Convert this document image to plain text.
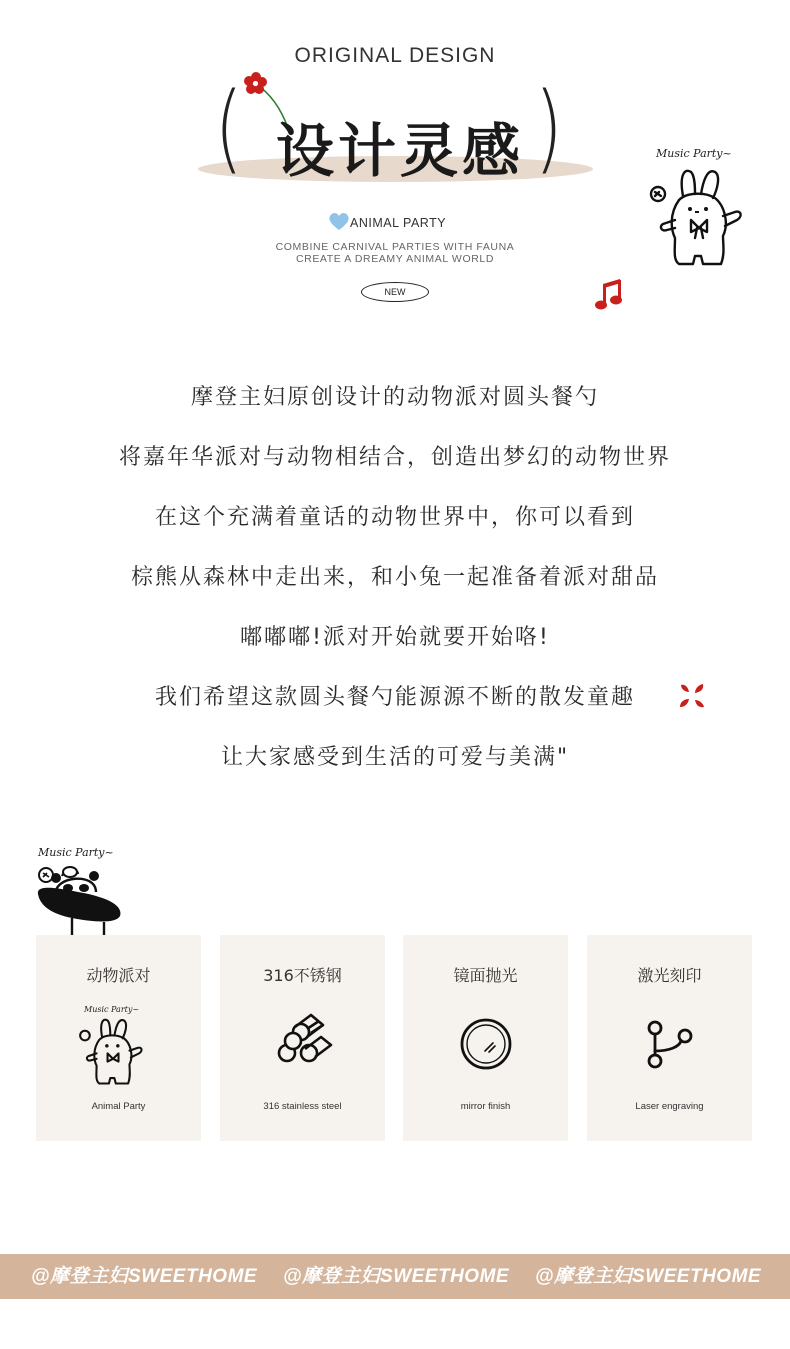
ORIGINAL DESIGN
(	)
设计灵感
ANIMAL PARTY
COMBINE CARNIVAL PARTIES WITH FAUNA
CREATE A DREAMY ANIMAL WORLD
NEW
Music Party~
摩登主妇原创设计的动物派对圆头餐勺
将嘉年华派对与动物相结合，创造出梦幻的动物世界
在这个充满着童话的动物世界中，你可以看到
棕熊从森林中走出来，和小兔一起准备着派对甜品
嘟嘟嘟!派对开始就要开始咯!
我们希望这款圆头餐勺能源源不断的散发童趣
让大家感受到生活的可爱与美满"
Music Party~
动物派对
Music Party~
Animal Party
316不锈钢
316 stainless steel
镜面抛光
mirror finish
激光刻印
Laser engraving
@摩登主妇SWEETHOME @摩登主妇SWEETHOME @摩登主妇SWEETHOME
